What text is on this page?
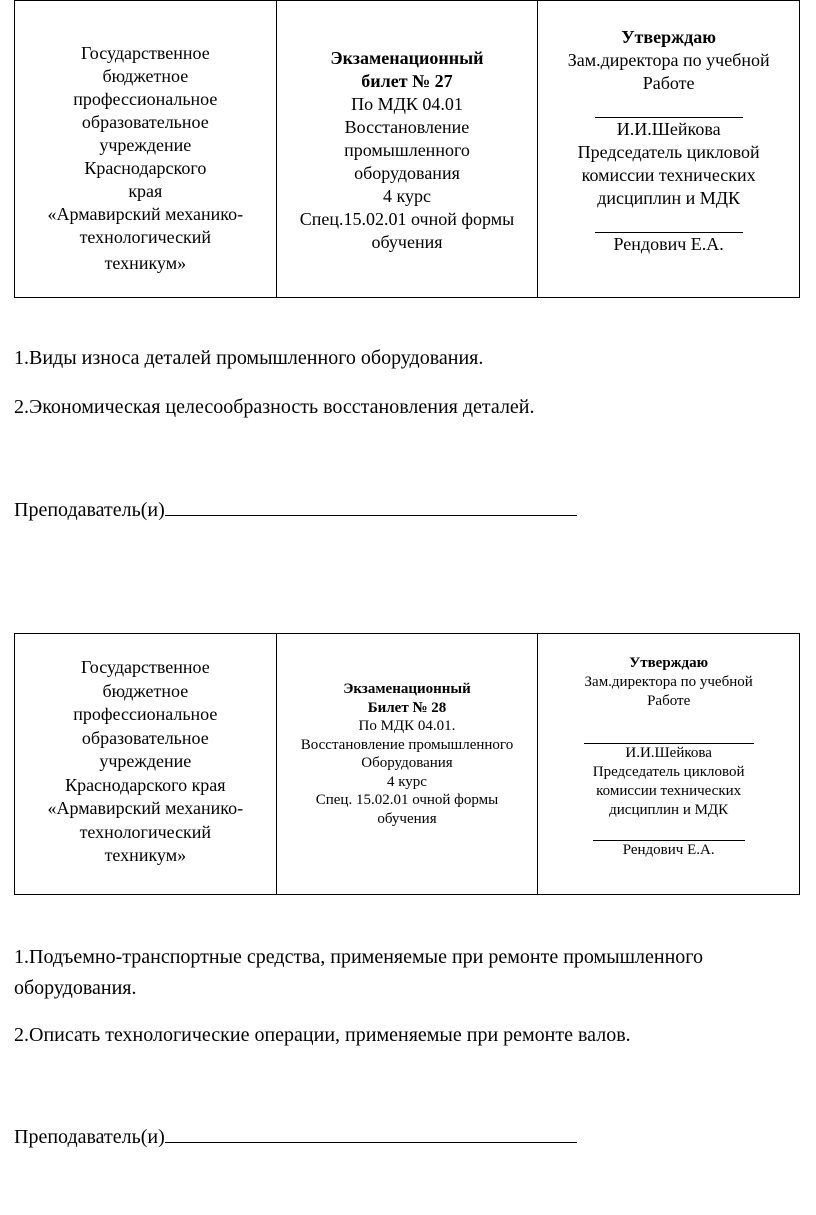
Государственное
бюджетное
профессиональное
образовательное
учреждение
Краснодарского
края
«Армавирский механико-
технологический
техникум»

Экзаменационный
билет № 27
По МДК 04.01
Восстановление
промышленного
оборудования
4 курс
Спец.15.02.01 очной формы
обучения

Утверждаю
Зам.директора по учебной
Работе
И.И.Шейкова
Председатель цикловой
комиссии технических
дисциплин и МДК
Рендович Е.А.
1.Виды износа деталей промышленного оборудования.
2.Экономическая целесообразность восстановления деталей.
Преподаватель(и)
Государственное
бюджетное
профессиональное
образовательное
учреждение
Краснодарского края
«Армавирский механико-
технологический
техникум»

Экзаменационный
Билет № 28
По МДК 04.01.
Восстановление промышленного
Оборудования
4 курс
Спец. 15.02.01 очной формы
обучения

Утверждаю
Зам.директора по учебной
Работе
И.И.Шейкова
Председатель цикловой
комиссии технических
дисциплин и МДК
Рендович Е.А.
1.Подъемно-транспортные средства, применяемые при ремонте промышленного оборудования.
2.Описать технологические операции, применяемые при ремонте валов.
Преподаватель(и)
